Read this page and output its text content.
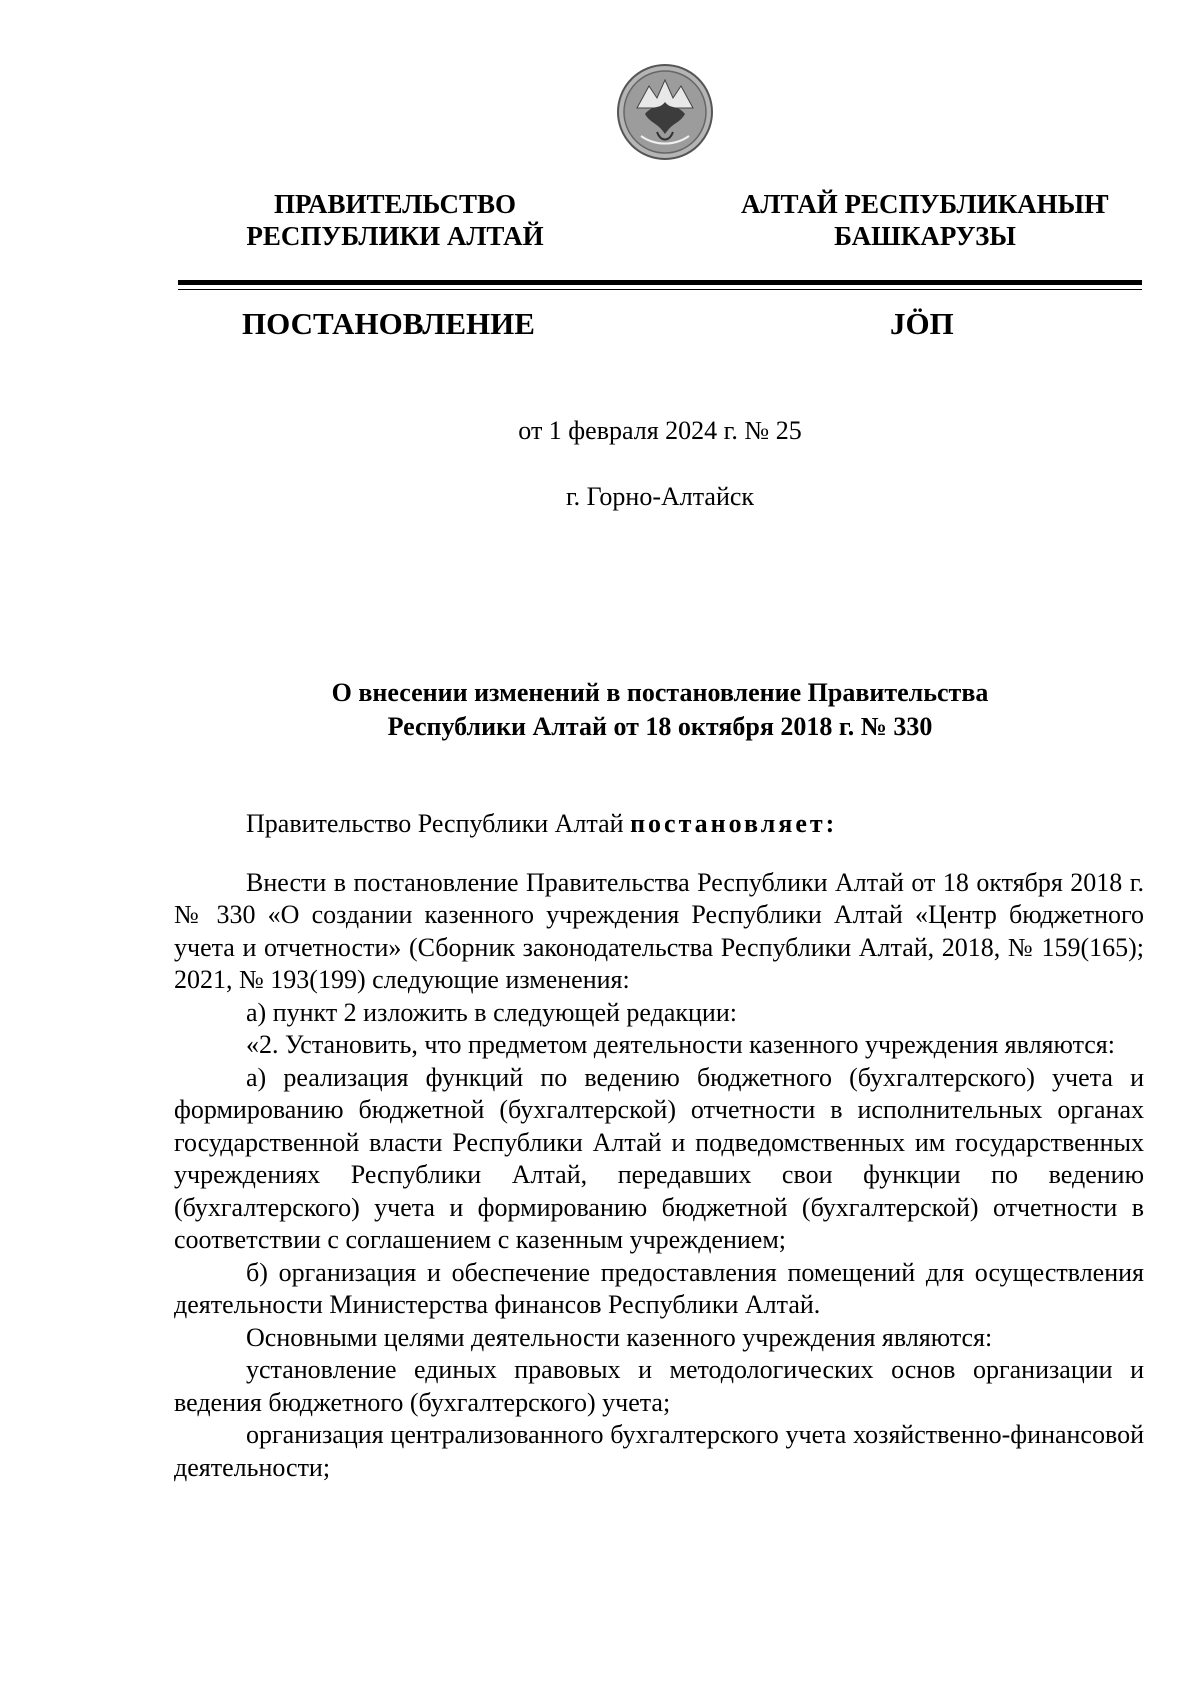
ПРАВИТЕЛЬСТВО
РЕСПУБЛИКИ АЛТАЙ
АЛТАЙ РЕСПУБЛИКАНЫҤ
БАШКАРУЗЫ
ПОСТАНОВЛЕНИЕ	JӦП
от 1 февраля 2024 г. № 25
г. Горно-Алтайск
О внесении изменений в постановление Правительства
Республики Алтай от 18 октября 2018 г. № 330

Правительство Республики Алтай постановляет:

Внести в постановление Правительства Республики Алтай от 18 октября 2018 г. № 330 «О создании казенного учреждения Республики Алтай «Центр бюджетного учета и отчетности» (Сборник законодательства Республики Алтай, 2018, № 159(165); 2021, № 193(199) следующие изменения:

а) пункт 2 изложить в следующей редакции:

«2. Установить, что предметом деятельности казенного учреждения являются:

а) реализация функций по ведению бюджетного (бухгалтерского) учета и формированию бюджетной (бухгалтерской) отчетности в исполнительных органах государственной власти Республики Алтай и подведомственных им государственных учреждениях Республики Алтай, передавших свои функции по ведению (бухгалтерского) учета и формированию бюджетной (бухгалтерской) отчетности в соответствии с соглашением с казенным учреждением;

б) организация и обеспечение предоставления помещений для осуществления деятельности Министерства финансов Республики Алтай.

Основными целями деятельности казенного учреждения являются:

установление единых правовых и методологических основ организации и ведения бюджетного (бухгалтерского) учета;

организация централизованного бухгалтерского учета хозяйственно-финансовой деятельности;
